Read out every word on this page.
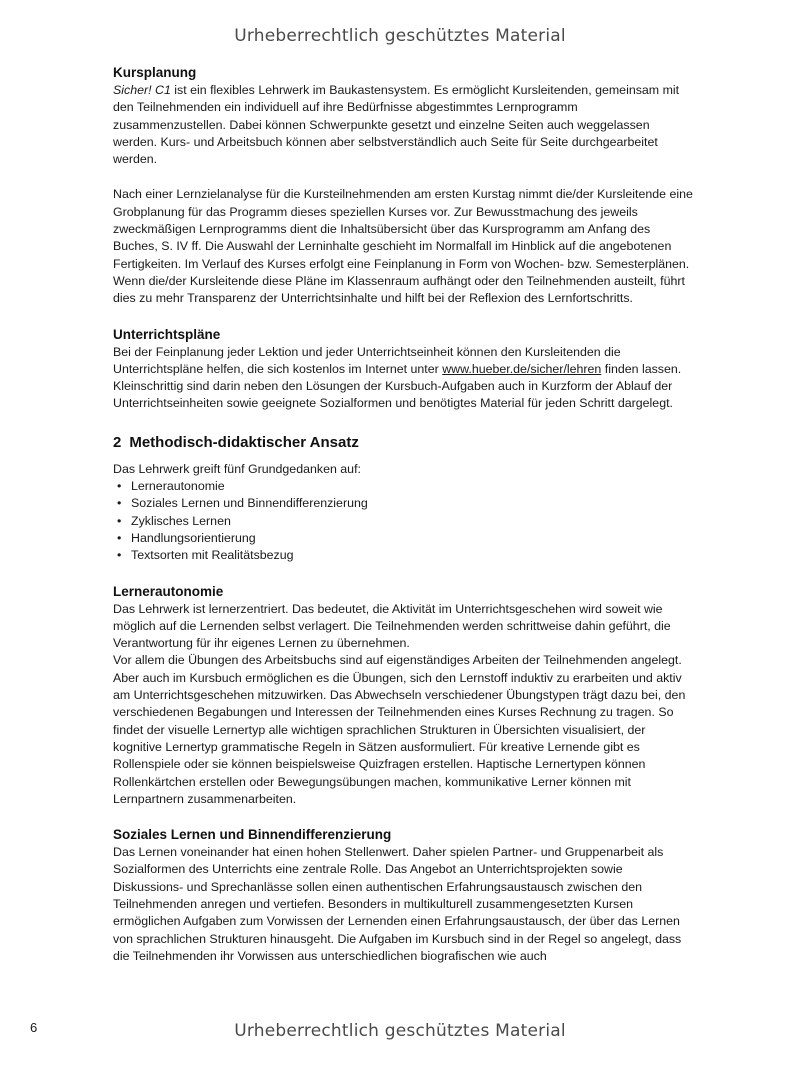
Urheberrechtlich geschütztes Material
Kursplanung

Sicher! C1 ist ein flexibles Lehrwerk im Baukastensystem. Es ermöglicht Kursleitenden, gemeinsam mit den Teilnehmenden ein individuell auf ihre Bedürfnisse abgestimmtes Lernprogramm zusammenzustellen. Dabei können Schwerpunkte gesetzt und einzelne Seiten auch weggelassen werden. Kurs- und Arbeitsbuch können aber selbstverständlich auch Seite für Seite durchgearbeitet werden.

Nach einer Lernzielanalyse für die Kursteilnehmenden am ersten Kurstag nimmt die/der Kursleitende eine Grobplanung für das Programm dieses speziellen Kurses vor. Zur Bewusstmachung des jeweils zweckmäßigen Lernprogramms dient die Inhaltsübersicht über das Kursprogramm am Anfang des Buches, S. IV ff. Die Auswahl der Lerninhalte geschieht im Normalfall im Hinblick auf die angebotenen Fertigkeiten. Im Verlauf des Kurses erfolgt eine Feinplanung in Form von Wochen- bzw. Semesterplänen. Wenn die/der Kursleitende diese Pläne im Klassenraum aufhängt oder den Teilnehmenden austeilt, führt dies zu mehr Transparenz der Unterrichtsinhalte und hilft bei der Reflexion des Lernfortschritts.

Unterrichtspläne

Bei der Feinplanung jeder Lektion und jeder Unterrichtseinheit können den Kursleitenden die Unterrichtspläne helfen, die sich kostenlos im Internet unter www.hueber.de/sicher/lehren finden lassen. Kleinschrittig sind darin neben den Lösungen der Kursbuch-Aufgaben auch in Kurzform der Ablauf der Unterrichtseinheiten sowie geeignete Sozialformen und benötigtes Material für jeden Schritt dargelegt.

2 Methodisch-didaktischer Ansatz

Das Lehrwerk greift fünf Grundgedanken auf:

• Lernerautonomie
• Soziales Lernen und Binnendifferenzierung
• Zyklisches Lernen
• Handlungsorientierung
• Textsorten mit Realitätsbezug
Lernerautonomie

Das Lehrwerk ist lernerzentriert. Das bedeutet, die Aktivität im Unterrichtsgeschehen wird soweit wie möglich auf die Lernenden selbst verlagert. Die Teilnehmenden werden schrittweise dahin geführt, die Verantwortung für ihr eigenes Lernen zu übernehmen.

Vor allem die Übungen des Arbeitsbuchs sind auf eigenständiges Arbeiten der Teilnehmenden angelegt. Aber auch im Kursbuch ermöglichen es die Übungen, sich den Lernstoff induktiv zu erarbeiten und aktiv am Unterrichtsgeschehen mitzuwirken. Das Abwechseln verschiedener Übungstypen trägt dazu bei, den verschiedenen Begabungen und Interessen der Teilnehmenden eines Kurses Rechnung zu tragen. So findet der visuelle Lernertyp alle wichtigen sprachlichen Strukturen in Übersichten visualisiert, der kognitive Lernertyp grammatische Regeln in Sätzen ausformuliert. Für kreative Lernende gibt es Rollenspiele oder sie können beispielsweise Quizfragen erstellen. Haptische Lernertypen können Rollenkärtchen erstellen oder Bewegungsübungen machen, kommunikative Lerner können mit Lernpartnern zusammenarbeiten.

Soziales Lernen und Binnendifferenzierung

Das Lernen voneinander hat einen hohen Stellenwert. Daher spielen Partner- und Gruppenarbeit als Sozialformen des Unterrichts eine zentrale Rolle. Das Angebot an Unterrichtsprojekten sowie Diskussions- und Sprechanlässe sollen einen authentischen Erfahrungsaustausch zwischen den Teilnehmenden anregen und vertiefen. Besonders in multikulturell zusammengesetzten Kursen ermöglichen Aufgaben zum Vorwissen der Lernenden einen Erfahrungsaustausch, der über das Lernen von sprachlichen Strukturen hinausgeht. Die Aufgaben im Kursbuch sind in der Regel so angelegt, dass die Teilnehmenden ihr Vorwissen aus unterschiedlichen biografischen wie auch

6	Urheberrechtlich geschütztes Material
